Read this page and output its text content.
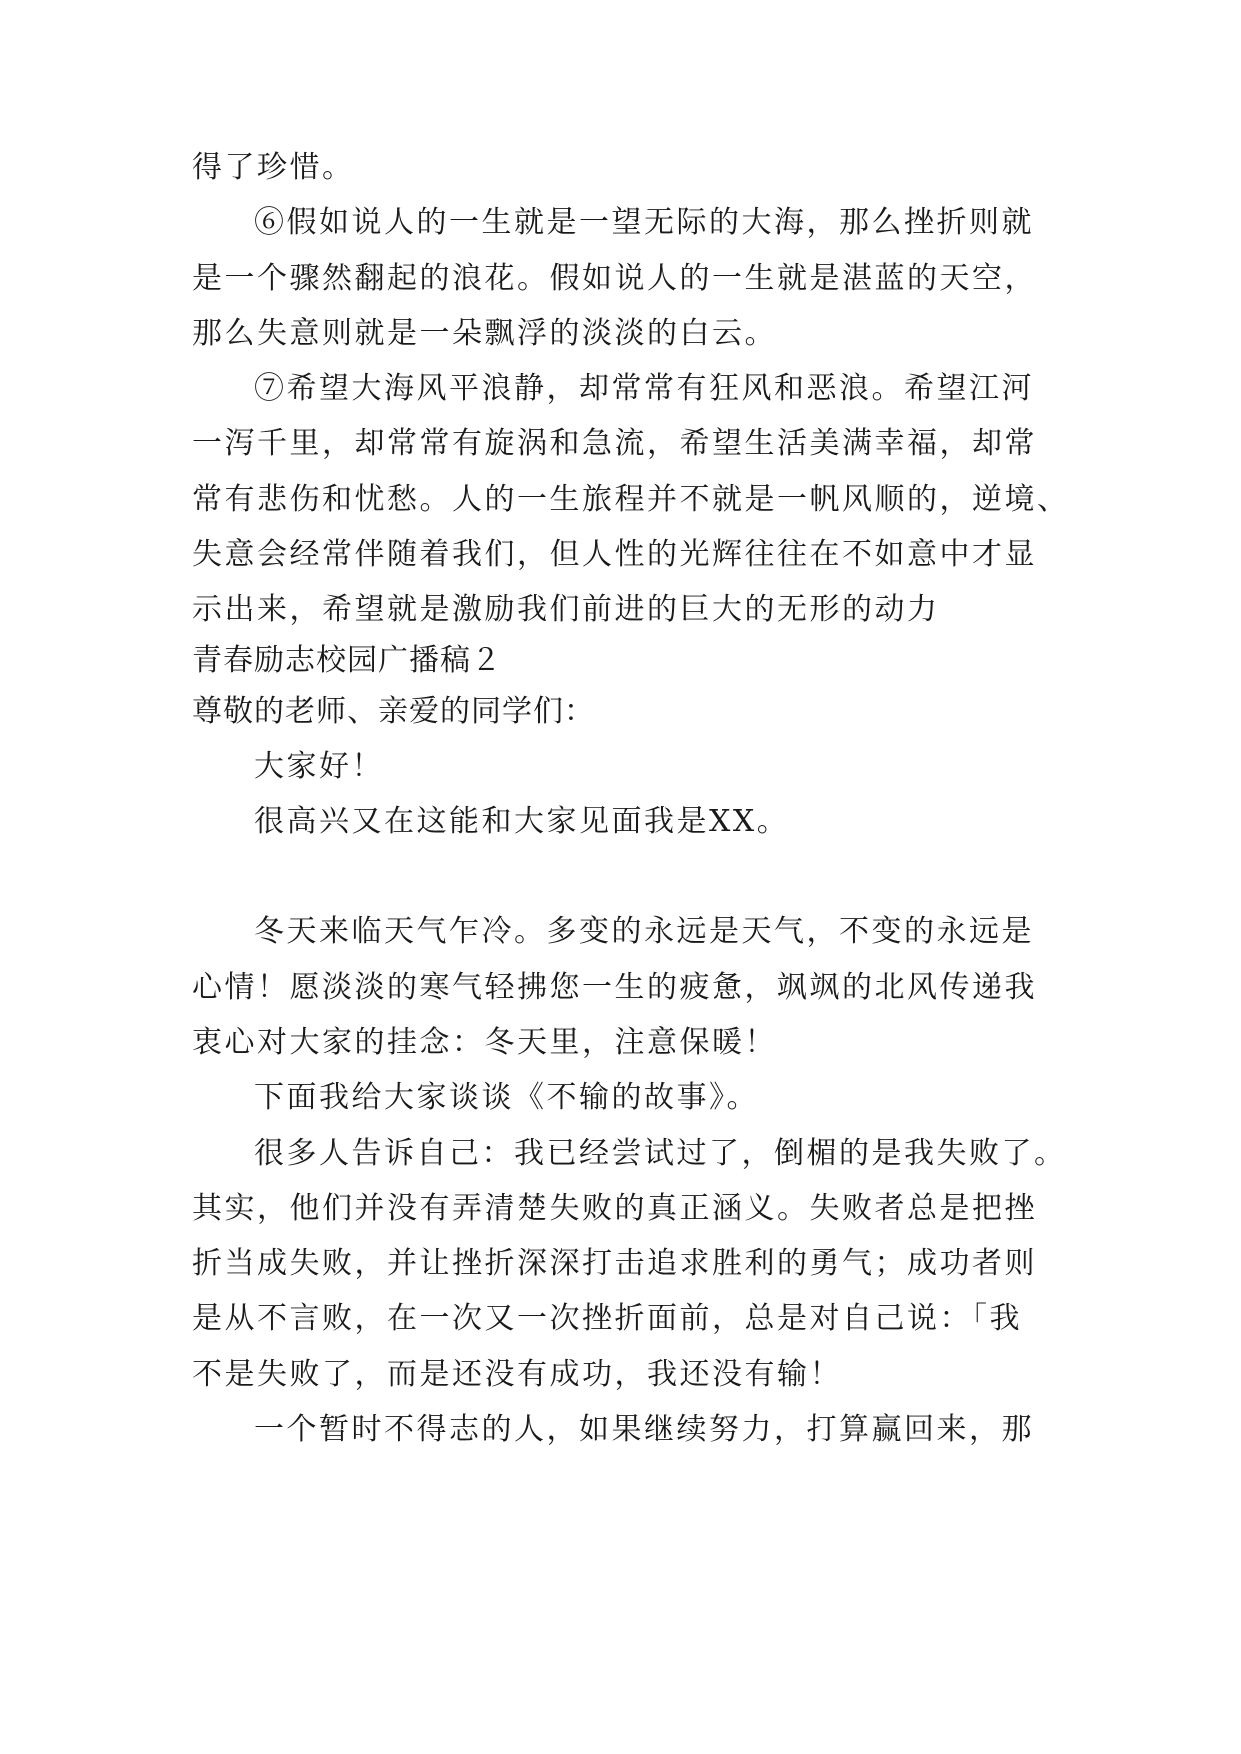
得了珍惜。
⑥假如说人的一生就是一望无际的大海，那么挫折则就
是一个骤然翻起的浪花。假如说人的一生就是湛蓝的天空，
那么失意则就是一朵飘浮的淡淡的白云。
⑦希望大海风平浪静，却常常有狂风和恶浪。希望江河
一泻千里，却常常有旋涡和急流，希望生活美满幸福，却常
常有悲伤和忧愁。人的一生旅程并不就是一帆风顺的，逆境、
失意会经常伴随着我们，但人性的光辉往往在不如意中才显
示出来，希望就是激励我们前进的巨大的无形的动力
青春励志校园广播稿２
尊敬的老师、亲爱的同学们：
大家好！
很高兴又在这能和大家见面我是XX。
冬天来临天气乍冷。多变的永远是天气，不变的永远是
心情！愿淡淡的寒气轻拂您一生的疲惫，飒飒的北风传递我
衷心对大家的挂念：冬天里，注意保暖！
下面我给大家谈谈《不输的故事》。
很多人告诉自己：我已经尝试过了，倒楣的是我失败了。
其实，他们并没有弄清楚失败的真正涵义。失败者总是把挫
折当成失败，并让挫折深深打击追求胜利的勇气；成功者则
是从不言败，在一次又一次挫折面前，总是对自己说：「我
不是失败了，而是还没有成功，我还没有输！
一个暂时不得志的人，如果继续努力，打算赢回来，那
